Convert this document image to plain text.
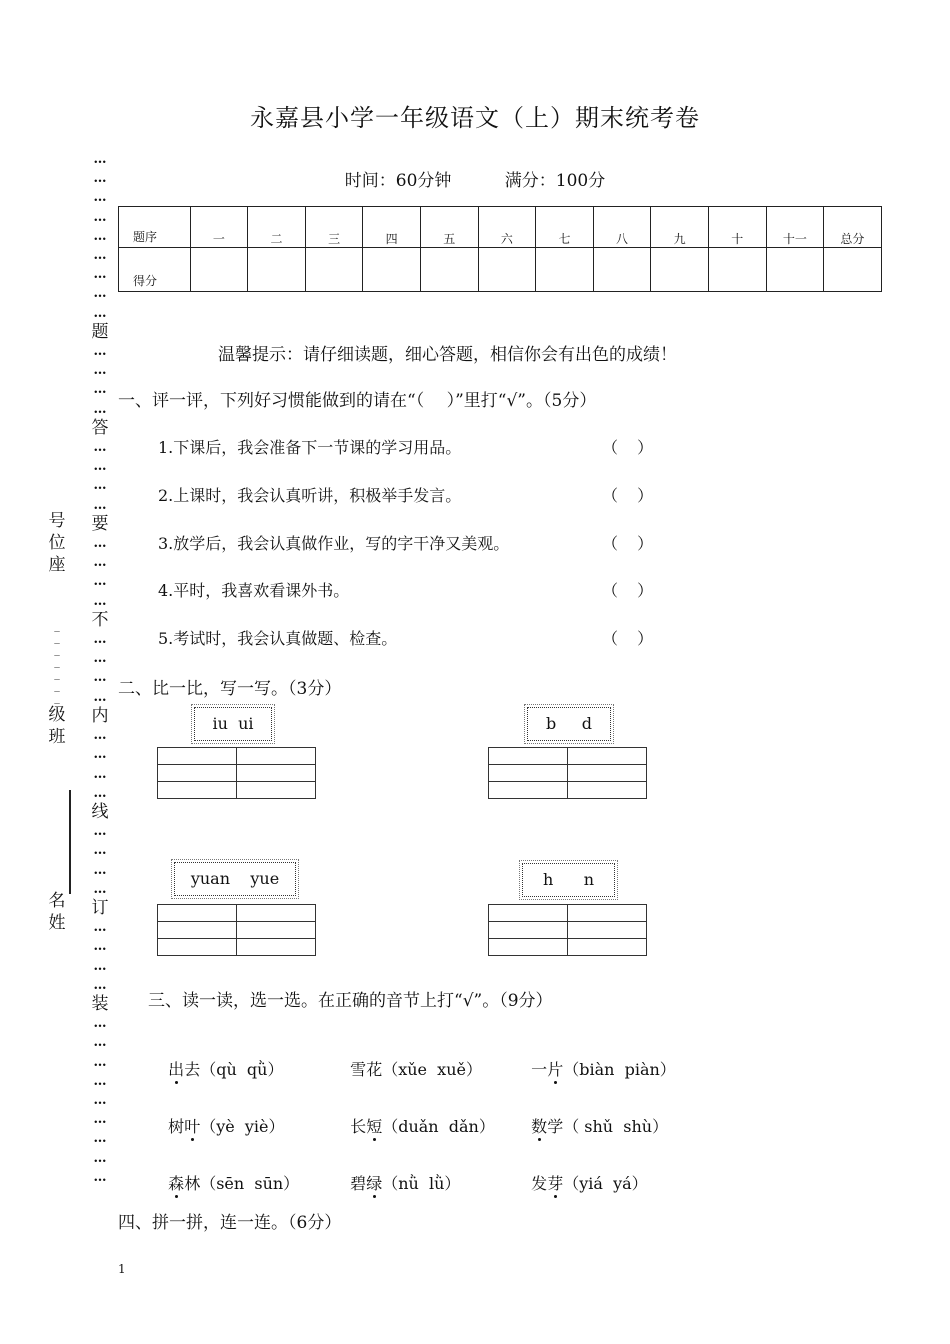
永嘉县小学一年级语文（上）期末统考卷
时间：60分钟	满分：100分
…
…
…
…
…
…
…
…
…
题
…
…
…
…
答
…
…
…
…
要
…
…
…
…
不
…
…
…
…
内
…
…
…
…
线
…
…
…
…
订
…
…
…
…
装
…
…
…
…
…
…
…
…
…
号
位
座
_
_
_
_
_
_
_
级
班
名
姓
题序	一	二	三	四	五	六	七	八	九	十	十一	总分
得分												
温馨提示：请仔细读题，细心答题，相信你会有出色的成绩！
一、评一评，下列好习惯能做到的请在“（　 ）”里打“√”。（5分）
1.下课后，我会准备下一节课的学习用品。	（ ）
2.上课时，我会认真听讲，积极举手发言。	（ ）
3.放学后，我会认真做作业，写的字干净又美观。	（ ）
4.平时，我喜欢看课外书。	（ ）
5.考试时，我会认真做题、检查。	（ ）
二、比一比，写一写。（3分）
iu  ui

		b     d

yuan    yue

		h      n

三、读一读，选一选。在正确的音节上打“√”。（9分）

出去（qù  qǜ）	雪花（xǔe  xuě）	一片（biàn  piàn）

树叶（yè  yiè）	长短（duǎn  dǎn）	数学（ shǔ  shù）

森林（sēn  sūn）	碧绿（nǜ  lǜ）	发芽（yiá  yá）

四、拼一拼，连一连。（6分）
1
